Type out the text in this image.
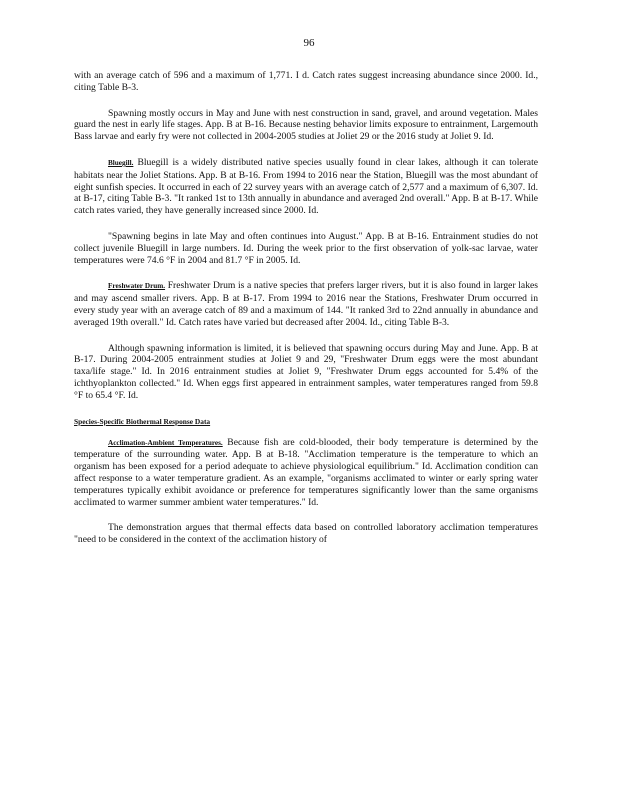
96

with an average catch of 596 and a maximum of 1,771. I d. Catch rates suggest increasing abundance since 2000. Id., citing Table B-3.

Spawning mostly occurs in May and June with nest construction in sand, gravel, and around vegetation. Males guard the nest in early life stages. App. B at B-16. Because nesting behavior limits exposure to entrainment, Largemouth Bass larvae and early fry were not collected in 2004-2005 studies at Joliet 29 or the 2016 study at Joliet 9. Id.

Bluegill. Bluegill is a widely distributed native species usually found in clear lakes, although it can tolerate habitats near the Joliet Stations. App. B at B-16. From 1994 to 2016 near the Station, Bluegill was the most abundant of eight sunfish species. It occurred in each of 22 survey years with an average catch of 2,577 and a maximum of 6,307. Id. at B-17, citing Table B-3. "It ranked 1st to 13th annually in abundance and averaged 2nd overall." App. B at B-17. While catch rates varied, they have generally increased since 2000. Id.

"Spawning begins in late May and often continues into August." App. B at B-16. Entrainment studies do not collect juvenile Bluegill in large numbers. Id. During the week prior to the first observation of yolk-sac larvae, water temperatures were 74.6 °F in 2004 and 81.7 °F in 2005. Id.

Freshwater Drum. Freshwater Drum is a native species that prefers larger rivers, but it is also found in larger lakes and may ascend smaller rivers. App. B at B-17. From 1994 to 2016 near the Stations, Freshwater Drum occurred in every study year with an average catch of 89 and a maximum of 144. "It ranked 3rd to 22nd annually in abundance and averaged 19th overall." Id. Catch rates have varied but decreased after 2004. Id., citing Table B-3.

Although spawning information is limited, it is believed that spawning occurs during May and June. App. B at B-17. During 2004-2005 entrainment studies at Joliet 9 and 29, "Freshwater Drum eggs were the most abundant taxa/life stage." Id. In 2016 entrainment studies at Joliet 9, "Freshwater Drum eggs accounted for 5.4% of the ichthyoplankton collected." Id. When eggs first appeared in entrainment samples, water temperatures ranged from 59.8 °F to 65.4 °F. Id.

Species-Specific Biothermal Response Data

Acclimation-Ambient Temperatures. Because fish are cold-blooded, their body temperature is determined by the temperature of the surrounding water. App. B at B-18. "Acclimation temperature is the temperature to which an organism has been exposed for a period adequate to achieve physiological equilibrium." Id. Acclimation condition can affect response to a water temperature gradient. As an example, "organisms acclimated to winter or early spring water temperatures typically exhibit avoidance or preference for temperatures significantly lower than the same organisms acclimated to warmer summer ambient water temperatures." Id.

The demonstration argues that thermal effects data based on controlled laboratory acclimation temperatures "need to be considered in the context of the acclimation history of
